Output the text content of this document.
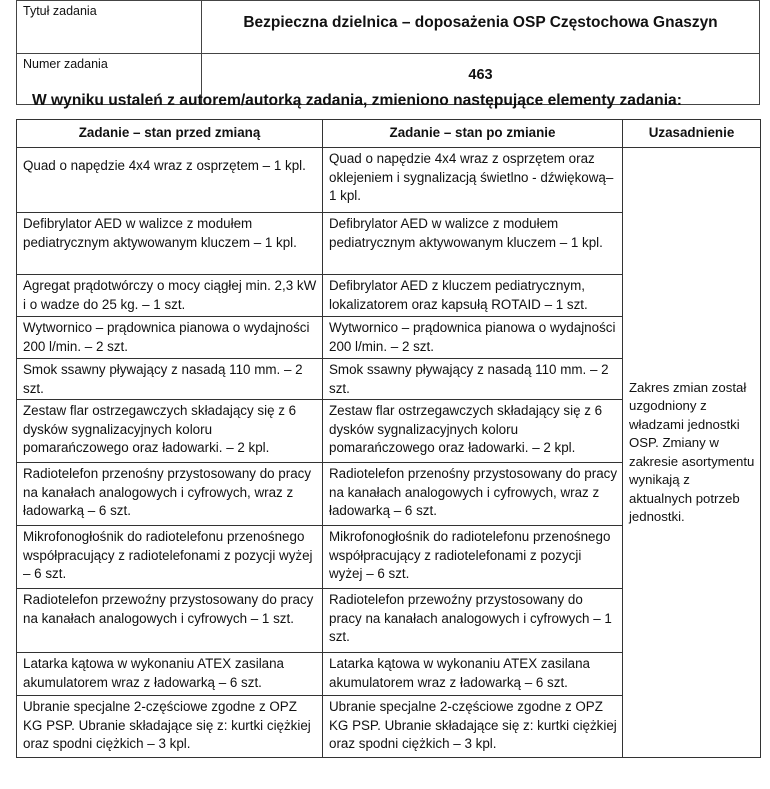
Tytuł zadania	Bezpieczna dzielnica – doposażenia OSP Częstochowa Gnaszyn
Numer zadania	463
W wyniku ustaleń z autorem/autorką zadania, zmieniono następujące elementy zadania:
Zadanie – stan przed zmianą	Zadanie – stan po zmianie	Uzasadnienie
Quad o napędzie 4x4 wraz z osprzętem – 1 kpl.	Quad o napędzie 4x4 wraz z osprzętem oraz oklejeniem i sygnalizacją świetlno - dźwiękową– 1 kpl.	Zakres zmian został uzgodniony z władzami jednostki OSP. Zmiany w zakresie asortymentu wynikają z aktualnych potrzeb jednostki.
Defibrylator AED w walizce z modułem pediatrycznym aktywowanym kluczem – 1 kpl.	Defibrylator AED w walizce z modułem pediatrycznym aktywowanym kluczem – 1 kpl.	
Agregat prądotwórczy o mocy ciągłej min. 2,3 kW i o wadze do 25 kg. – 1 szt.	Defibrylator AED z kluczem pediatrycznym, lokalizatorem oraz kapsułą ROTAID – 1 szt.	
Wytwornico – prądownica pianowa o wydajności 200 l/min. – 2 szt.	Wytwornico – prądownica pianowa o wydajności 200 l/min. – 2 szt.	
Smok ssawny pływający z nasadą 110 mm. – 2 szt.	Smok ssawny pływający z nasadą 110 mm. – 2 szt.	
Zestaw flar ostrzegawczych składający się z 6 dysków sygnalizacyjnych koloru pomarańczowego oraz ładowarki. – 2 kpl.	Zestaw flar ostrzegawczych składający się z 6 dysków sygnalizacyjnych koloru pomarańczowego oraz ładowarki. – 2 kpl.	
Radiotelefon przenośny przystosowany do pracy na kanałach analogowych i cyfrowych, wraz z ładowarką – 6 szt.	Radiotelefon przenośny przystosowany do pracy na kanałach analogowych i cyfrowych, wraz z ładowarką – 6 szt.	
Mikrofonogłośnik do radiotelefonu przenośnego współpracujący z radiotelefonami z pozycji wyżej – 6 szt.	Mikrofonogłośnik do radiotelefonu przenośnego współpracujący z radiotelefonami z pozycji wyżej – 6 szt.	
Radiotelefon przewoźny przystosowany do pracy na kanałach analogowych i cyfrowych – 1 szt.	Radiotelefon przewoźny przystosowany do pracy na kanałach analogowych i cyfrowych – 1 szt.	
Latarka kątowa w wykonaniu ATEX zasilana akumulatorem wraz z ładowarką – 6 szt.	Latarka kątowa w wykonaniu ATEX zasilana akumulatorem wraz z ładowarką – 6 szt.	
Ubranie specjalne 2-częściowe zgodne z OPZ KG PSP. Ubranie składające się z: kurtki ciężkiej oraz spodni ciężkich – 3 kpl.	Ubranie specjalne 2-częściowe zgodne z OPZ KG PSP. Ubranie składające się z: kurtki ciężkiej oraz spodni ciężkich – 3 kpl.	
